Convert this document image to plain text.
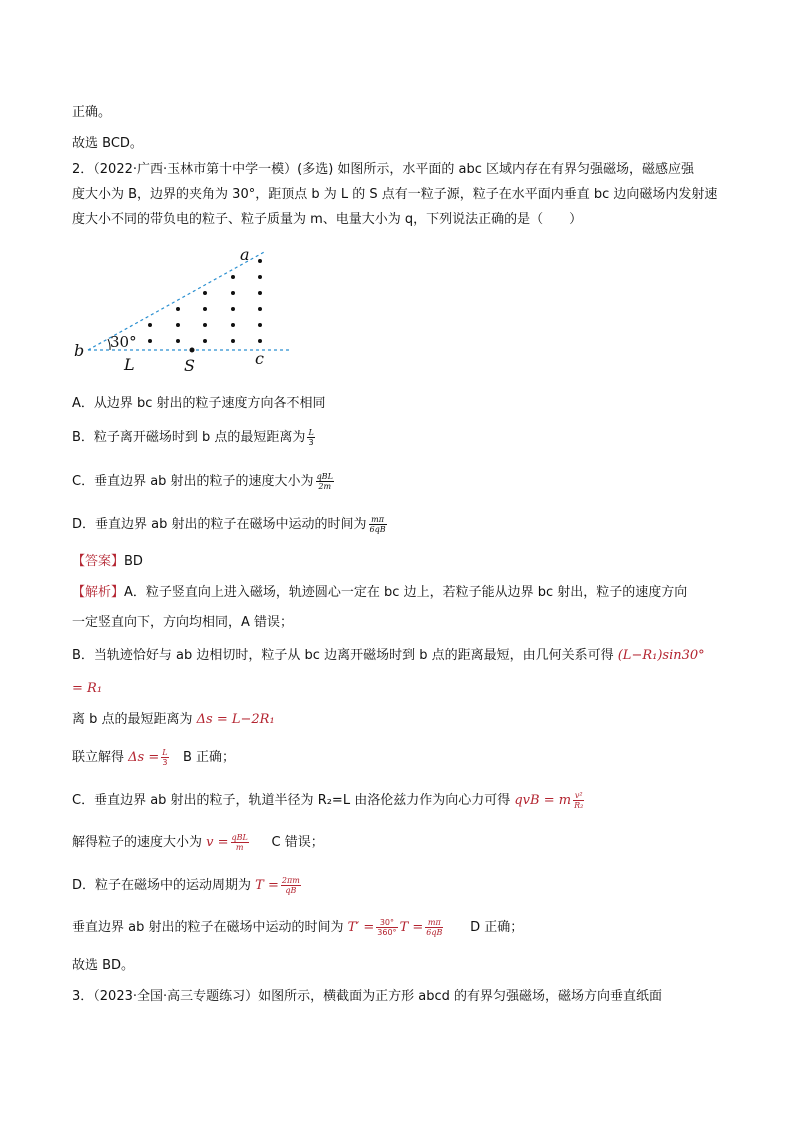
正确。
故选 BCD。
2．（2022·广西·玉林市第十中学一模）(多选) 如图所示，水平面的 abc 区域内存在有界匀强磁场，磁感应强
度大小为 B，边界的夹角为 30°，距顶点 b 为 L 的 S 点有一粒子源，粒子在水平面内垂直 bc 边向磁场内发射速
度大小不同的带负电的粒子、粒子质量为 m、电量大小为 q，下列说法正确的是（　　）
a
b	c
L	S
30°
A．从边界 bc 射出的粒子速度方向各不相同
B．粒子离开磁场时到 b 点的最短距离为 $\frac{L}{3}$
C．垂直边界 ab 射出的粒子的速度大小为 $\frac{\text{qBL}}{2m}$
D．垂直边界 ab 射出的粒子在磁场中运动的时间为 $\frac{m\pi}{6qB}$
【答案】BD
【解析】A．粒子竖直向上进入磁场，轨迹圆心一定在 bc 边上，若粒子能从边界 bc 射出，粒子的速度方向
一定竖直向下，方向均相同，A 错误；
B．当轨迹恰好与 ab 边相切时，粒子从 bc 边离开磁场时到 b 点的距离最短，由几何关系可得 (L−R₁)sin30°
= R₁
离 b 点的最短距离为 Δs = L−2R₁
联立解得 $\Delta s = \frac{L}{3}$ B 正确；
C．垂直边界 ab 射出的粒子，轨道半径为 R₂=L 由洛伦兹力作为向心力可得 qvB = m $\frac{\text{v²}}{\text{R₂}}$
解得粒子的速度大小为 $v = \frac{\text{qBL}}{m}$ C 错误；
D．粒子在磁场中的运动周期为 $T = \frac{2\pi m}{qB}$
垂直边界 ab 射出的粒子在磁场中运动的时间为 $T' = \frac{30^\circ}{360^\circ}$ $T = \frac{m\pi}{6qB}$ D 正确；
故选 BD。
3．（2023·全国·高三专题练习）如图所示，横截面为正方形 abcd 的有界匀强磁场，磁场方向垂直纸面
